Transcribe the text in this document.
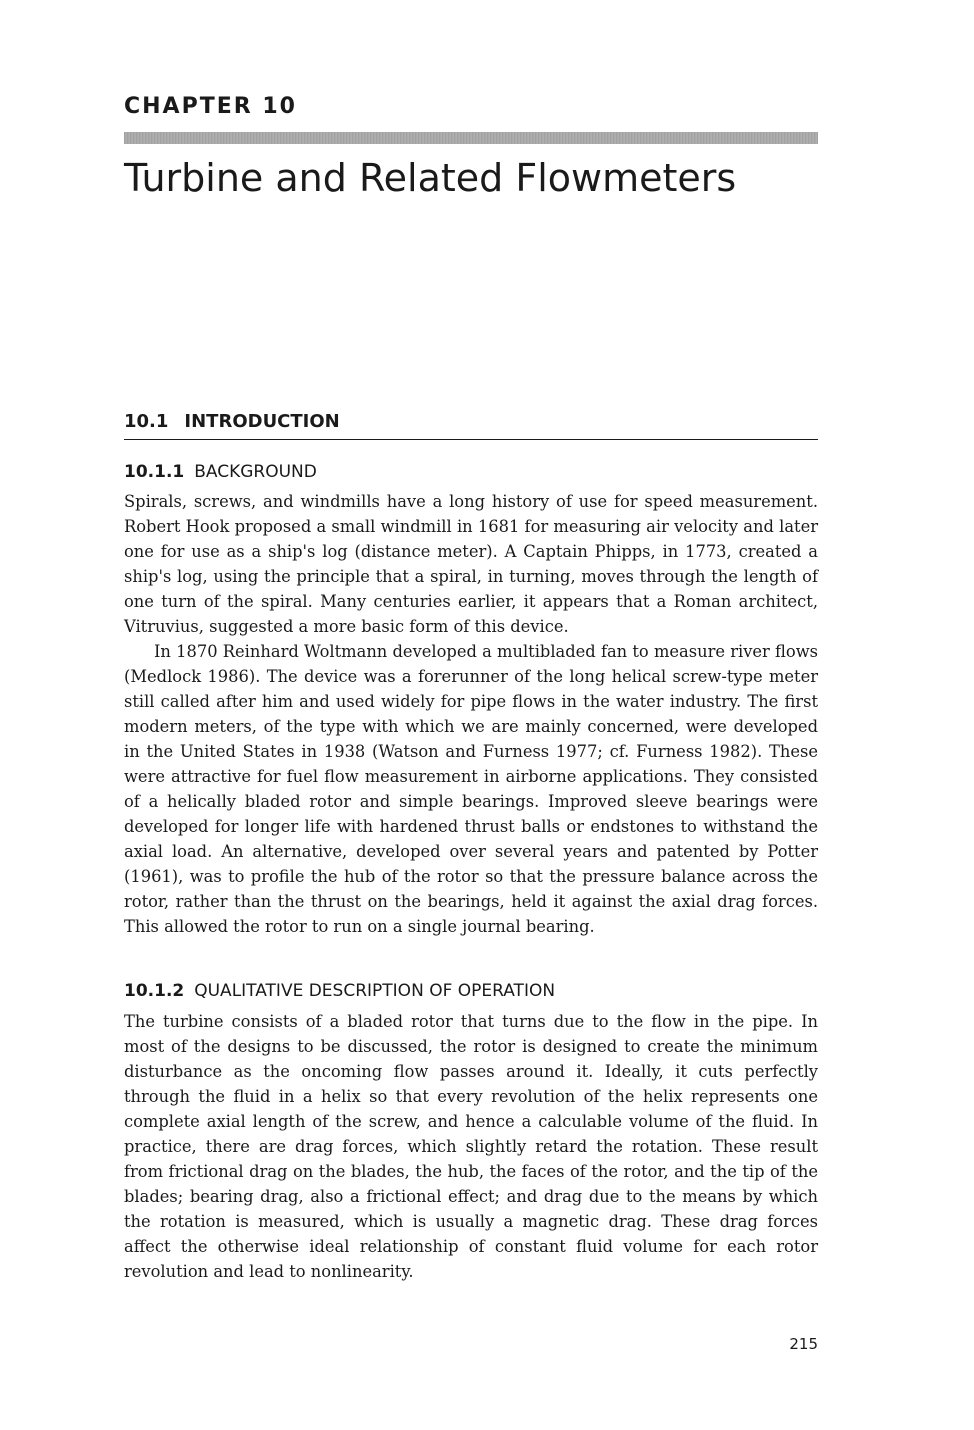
CHAPTER 10
Turbine and Related Flowmeters
10.1 INTRODUCTION
10.1.1 BACKGROUND

Spirals, screws, and windmills have a long history of use for speed measurement. Robert Hook proposed a small windmill in 1681 for measuring air velocity and later one for use as a ship's log (distance meter). A Captain Phipps, in 1773, created a ship's log, using the principle that a spiral, in turning, moves through the length of one turn of the spiral. Many centuries earlier, it appears that a Roman architect, Vitruvius, suggested a more basic form of this device.

In 1870 Reinhard Woltmann developed a multibladed fan to measure river flows (Medlock 1986). The device was a forerunner of the long helical screw-type meter still called after him and used widely for pipe flows in the water industry. The first modern meters, of the type with which we are mainly concerned, were developed in the United States in 1938 (Watson and Furness 1977; cf. Furness 1982). These were attractive for fuel flow measurement in airborne applications. They consisted of a helically bladed rotor and simple bearings. Improved sleeve bearings were developed for longer life with hardened thrust balls or endstones to withstand the axial load. An alternative, developed over several years and patented by Potter (1961), was to profile the hub of the rotor so that the pressure balance across the rotor, rather than the thrust on the bearings, held it against the axial drag forces. This allowed the rotor to run on a single journal bearing.

10.1.2 QUALITATIVE DESCRIPTION OF OPERATION

The turbine consists of a bladed rotor that turns due to the flow in the pipe. In most of the designs to be discussed, the rotor is designed to create the minimum disturbance as the oncoming flow passes around it. Ideally, it cuts perfectly through the fluid in a helix so that every revolution of the helix represents one complete axial length of the screw, and hence a calculable volume of the fluid. In practice, there are drag forces, which slightly retard the rotation. These result from frictional drag on the blades, the hub, the faces of the rotor, and the tip of the blades; bearing drag, also a frictional effect; and drag due to the means by which the rotation is measured, which is usually a magnetic drag. These drag forces affect the otherwise ideal relationship of constant fluid volume for each rotor revolution and lead to nonlinearity.

215
